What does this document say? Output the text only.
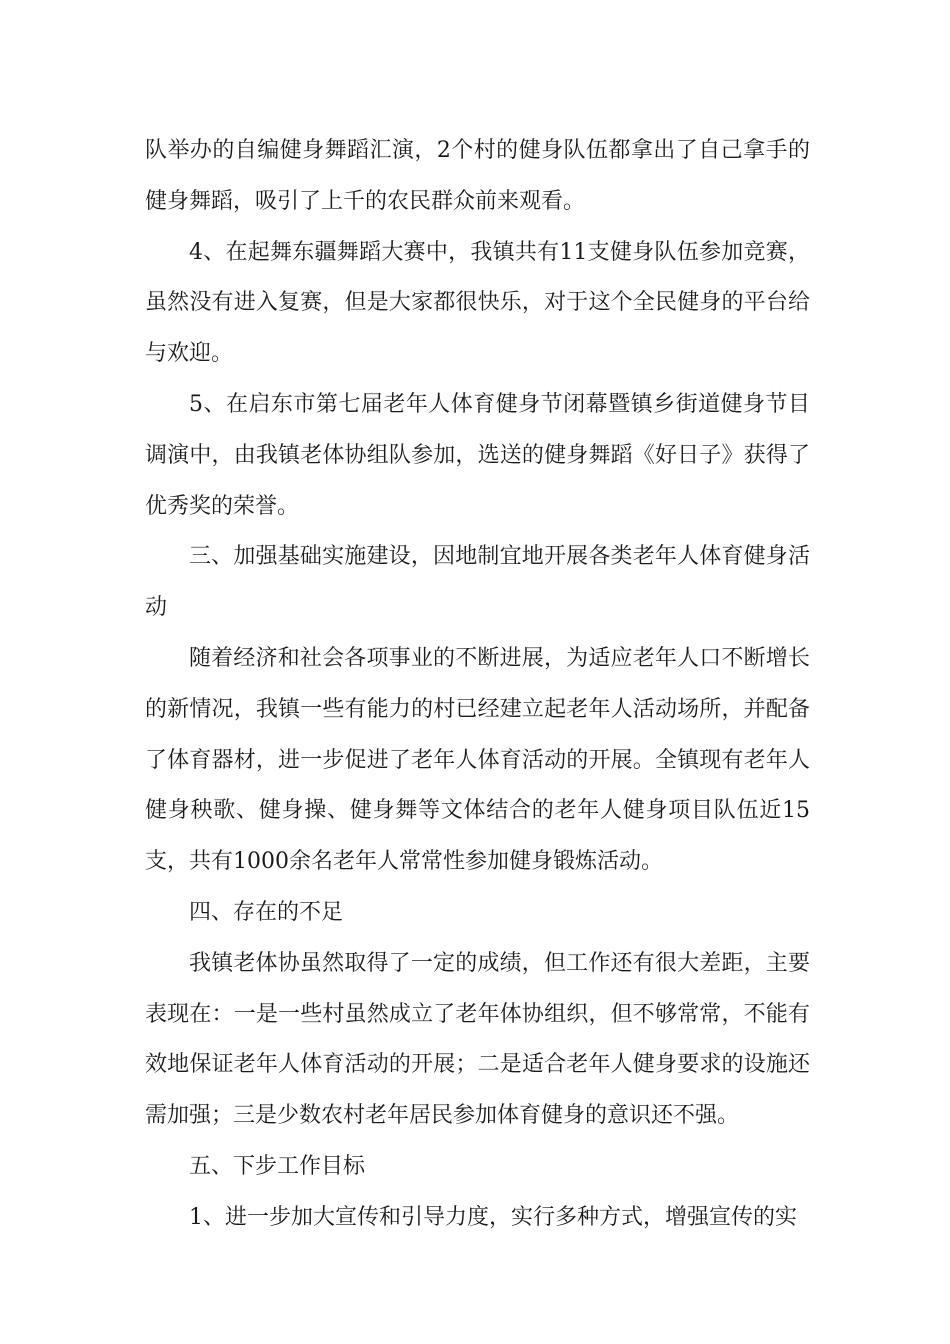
队举办的自编健身舞蹈汇演，2个村的健身队伍都拿出了自己拿手的健身舞蹈，吸引了上千的农民群众前来观看。

4、在起舞东疆舞蹈大赛中，我镇共有11支健身队伍参加竞赛，虽然没有进入复赛，但是大家都很快乐，对于这个全民健身的平台给与欢迎。

5、在启东市第七届老年人体育健身节闭幕暨镇乡街道健身节目调演中，由我镇老体协组队参加，选送的健身舞蹈《好日子》获得了优秀奖的荣誉。

三、加强基础实施建设，因地制宜地开展各类老年人体育健身活动

随着经济和社会各项事业的不断进展，为适应老年人口不断增长的新情况，我镇一些有能力的村已经建立起老年人活动场所，并配备了体育器材，进一步促进了老年人体育活动的开展。全镇现有老年人健身秧歌、健身操、健身舞等文体结合的老年人健身项目队伍近15支，共有1000余名老年人常常性参加健身锻炼活动。

四、存在的不足

我镇老体协虽然取得了一定的成绩，但工作还有很大差距，主要表现在：一是一些村虽然成立了老年体协组织，但不够常常，不能有效地保证老年人体育活动的开展；二是适合老年人健身要求的设施还需加强；三是少数农村老年居民参加体育健身的意识还不强。

五、下步工作目标

1、进一步加大宣传和引导力度，实行多种方式，增强宣传的实
